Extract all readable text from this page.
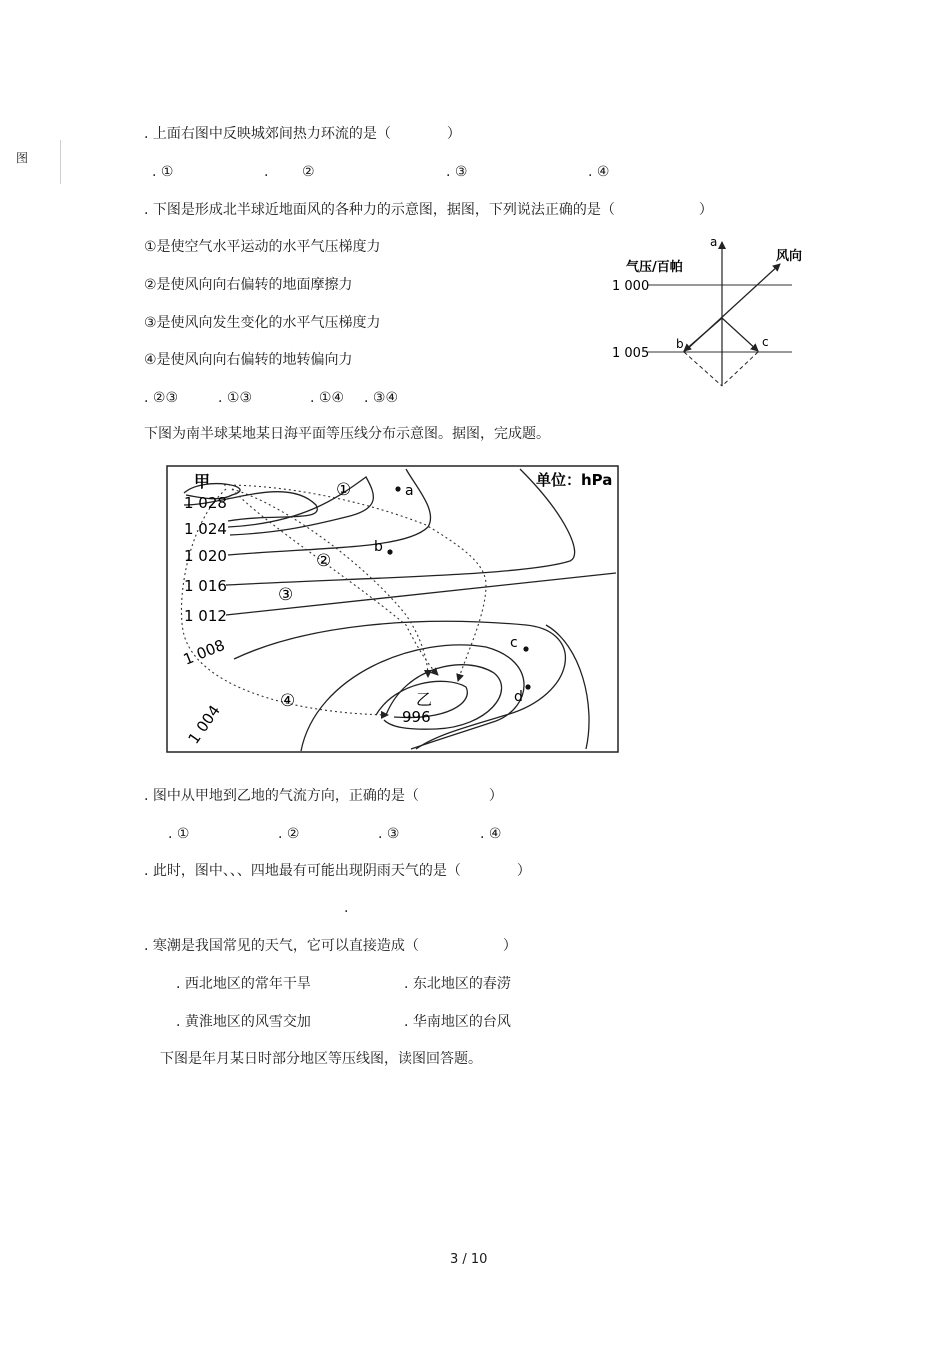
图
. 上面右图中反映城郊间热力环流的是（　　　　）
. ①	. ②	. ③	. ④
. 下图是形成北半球近地面风的各种力的示意图，据图，下列说法正确的是（　　　　　　）
①是使空气水平运动的水平气压梯度力
②是使风向向右偏转的地面摩擦力
③是使风向发生变化的水平气压梯度力
④是使风向向右偏转的地转偏向力
. ②③	. ①③	. ①④ . ③④
气压/百帕
1 000
1 005
a
b	c
风向
下图为南半球某地某日海平面等压线分布示意图。据图，完成题。
单位：hPa
甲
乙
996
1 028
1 024
1 020
1 016
1 012
1 008
1 004
①
②
③
④
a
b
c
d
. 图中从甲地到乙地的气流方向，正确的是（　　　　　）
. ①	. ②	. ③	. ④
. 此时，图中、、、四地最有可能出现阴雨天气的是（　　　　）
.
. 寒潮是我国常见的天气，它可以直接造成（　　　　　　）
. 西北地区的常年干旱	. 东北地区的春涝
. 黄淮地区的风雪交加	. 华南地区的台风
下图是年月某日时部分地区等压线图，读图回答题。
3 / 10
